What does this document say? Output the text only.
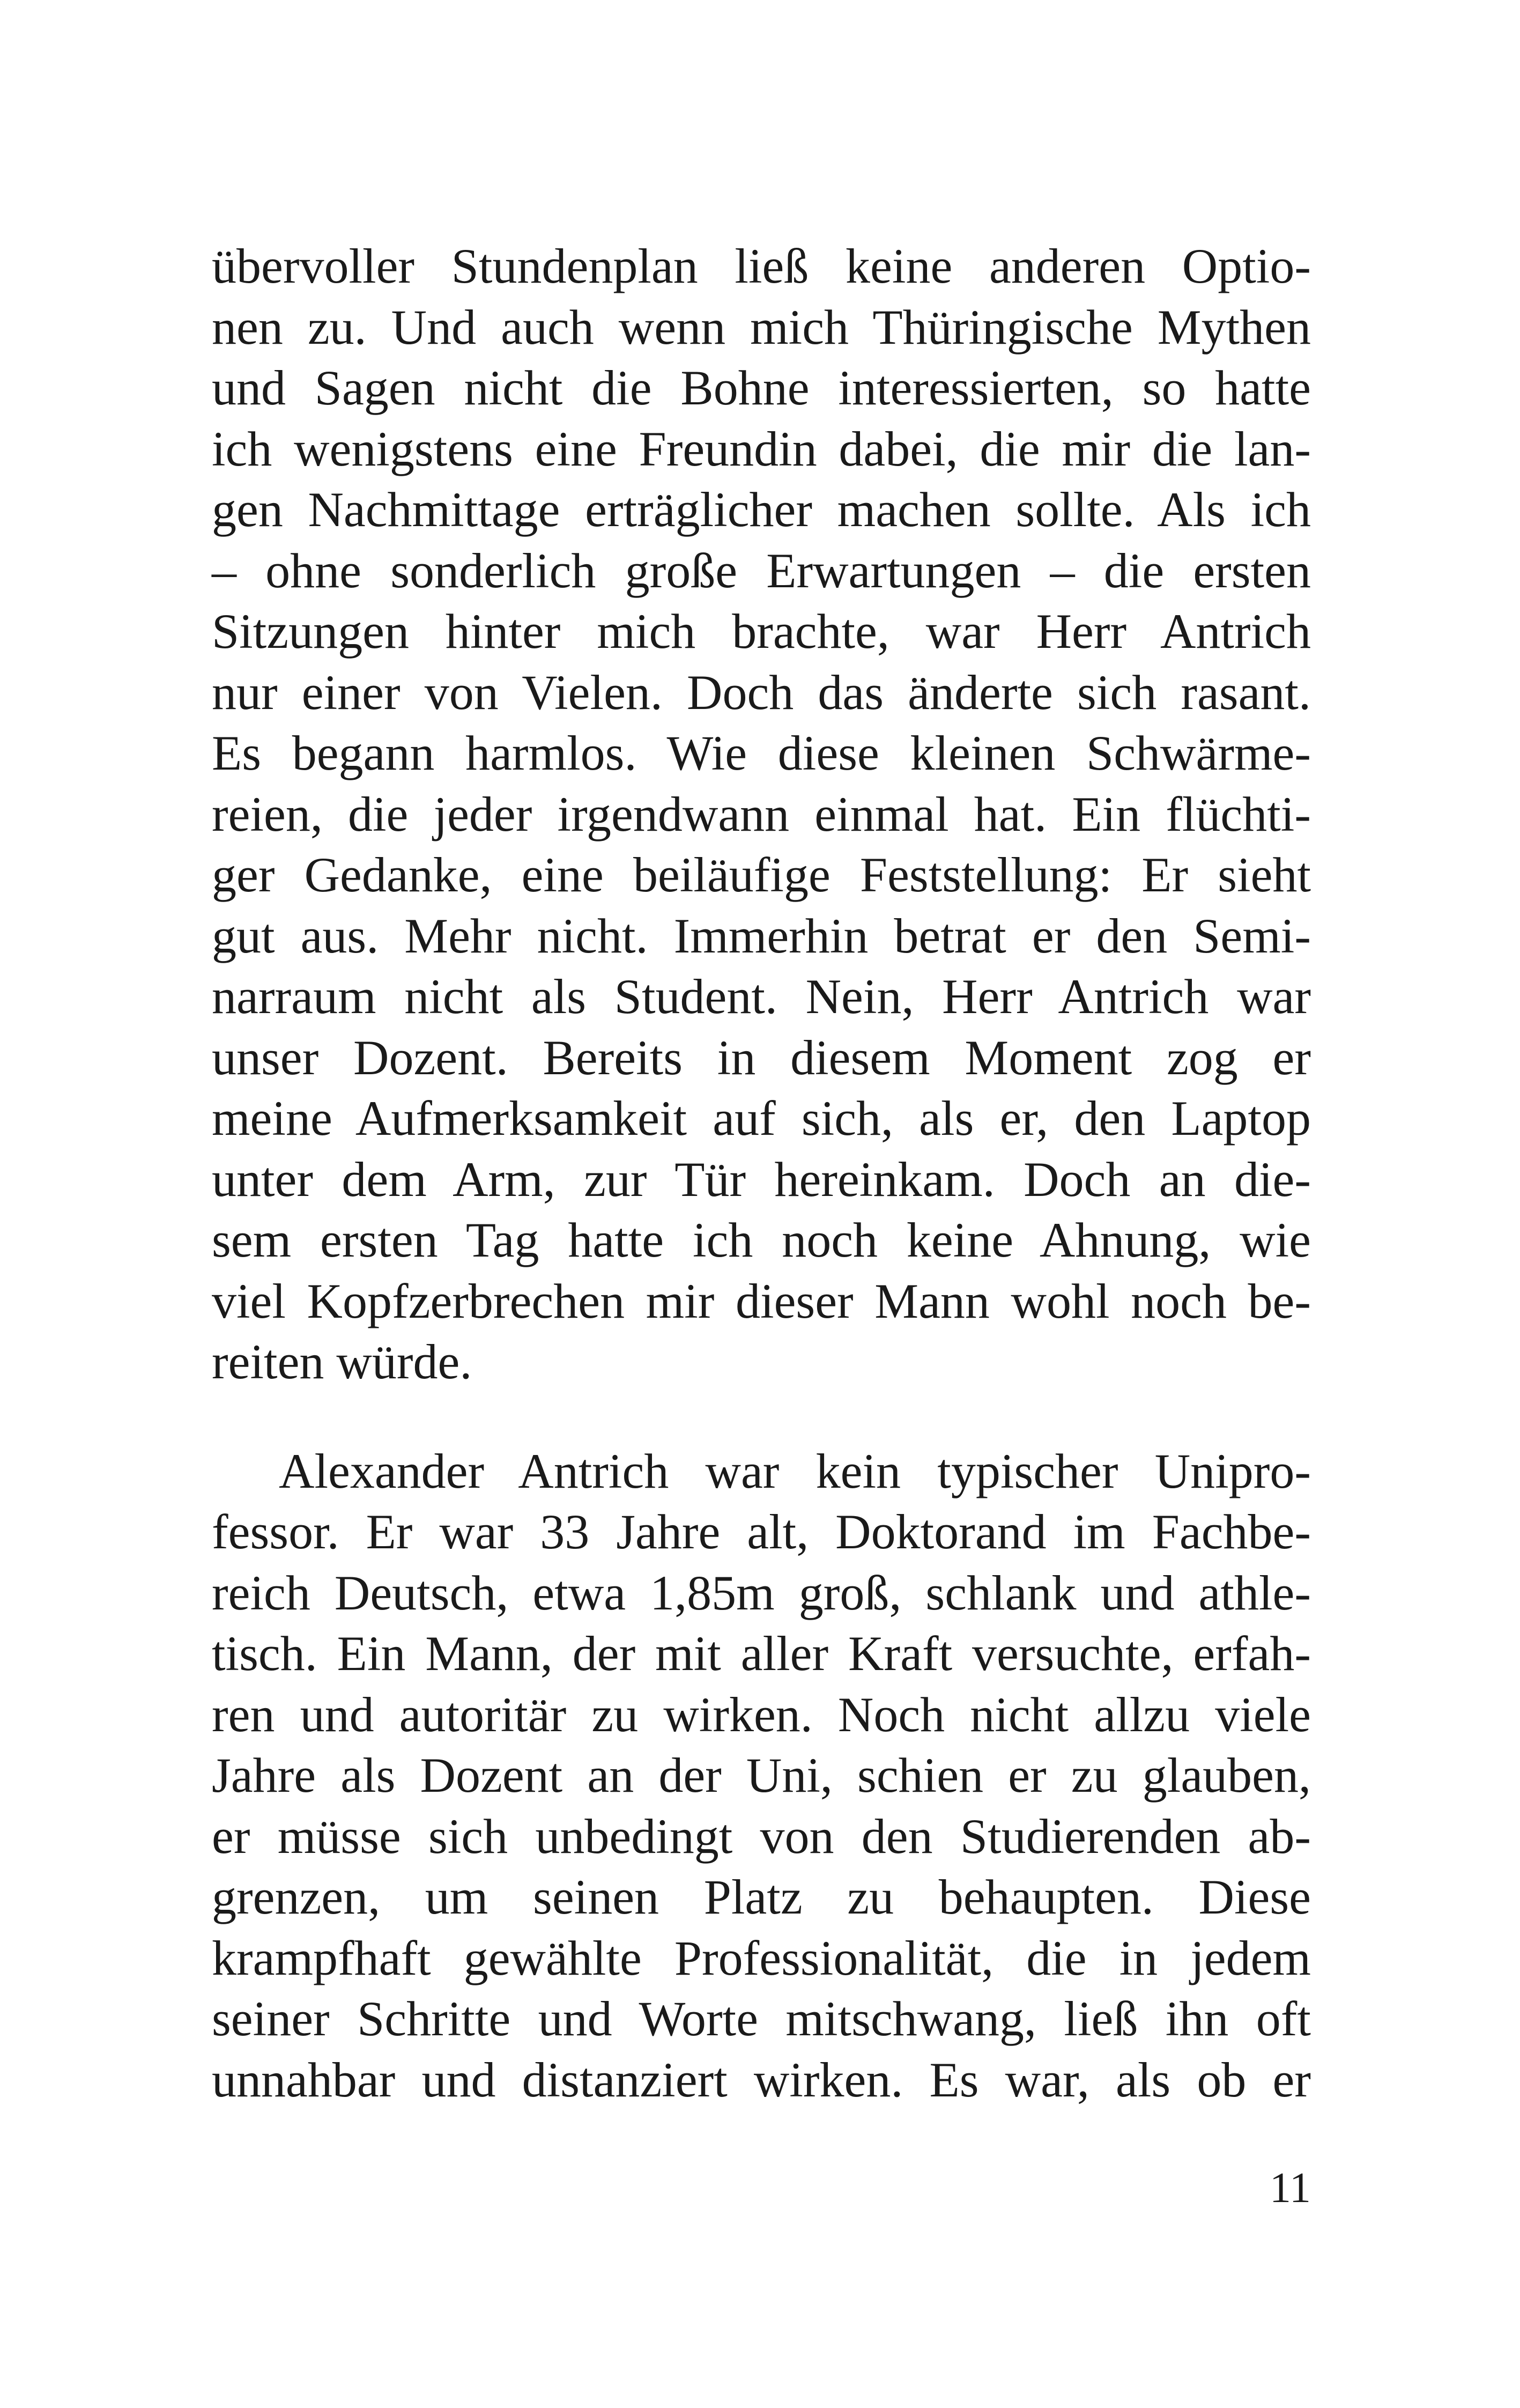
übervoller Stundenplan ließ keine anderen Optio-
nen zu. Und auch wenn mich Thüringische Mythen
und Sagen nicht die Bohne interessierten, so hatte
ich wenigstens eine Freundin dabei, die mir die lan-
gen Nachmittage erträglicher machen sollte. Als ich
– ohne sonderlich große Erwartungen – die ersten
Sitzungen hinter mich brachte, war Herr Antrich
nur einer von Vielen. Doch das änderte sich rasant.
Es begann harmlos. Wie diese kleinen Schwärme-
reien, die jeder irgendwann einmal hat. Ein flüchti-
ger Gedanke, eine beiläufige Feststellung: Er sieht
gut aus. Mehr nicht. Immerhin betrat er den Semi-
narraum nicht als Student. Nein, Herr Antrich war
unser Dozent. Bereits in diesem Moment zog er
meine Aufmerksamkeit auf sich, als er, den Laptop
unter dem Arm, zur Tür hereinkam. Doch an die-
sem ersten Tag hatte ich noch keine Ahnung, wie
viel Kopfzerbrechen mir dieser Mann wohl noch be-
reiten würde.
Alexander Antrich war kein typischer Unipro-
fessor. Er war 33 Jahre alt, Doktorand im Fachbe-
reich Deutsch, etwa 1,85m groß, schlank und athle-
tisch. Ein Mann, der mit aller Kraft versuchte, erfah-
ren und autoritär zu wirken. Noch nicht allzu viele
Jahre als Dozent an der Uni, schien er zu glauben,
er müsse sich unbedingt von den Studierenden ab-
grenzen, um seinen Platz zu behaupten. Diese
krampfhaft gewählte Professionalität, die in jedem
seiner Schritte und Worte mitschwang, ließ ihn oft
unnahbar und distanziert wirken. Es war, als ob er
11
